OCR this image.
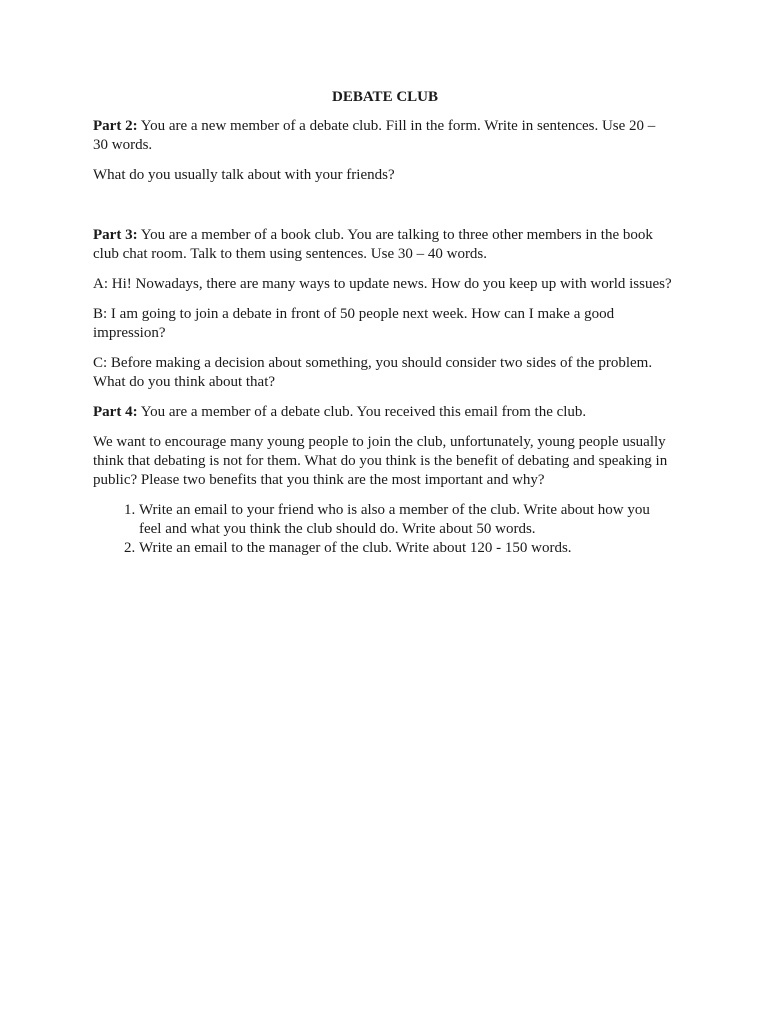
DEBATE CLUB

Part 2: You are a new member of a debate club. Fill in the form. Write in sentences. Use 20 – 30 words.

What do you usually talk about with your friends?

Part 3: You are a member of a book club. You are talking to three other members in the book club chat room. Talk to them using sentences. Use 30 – 40 words.

A: Hi! Nowadays, there are many ways to update news. How do you keep up with world issues?

B: I am going to join a debate in front of 50 people next week. How can I make a good impression?

C: Before making a decision about something, you should consider two sides of the problem. What do you think about that?

Part 4: You are a member of a debate club. You received this email from the club.

We want to encourage many young people to join the club, unfortunately, young people usually think that debating is not for them. What do you think is the benefit of debating and speaking in public? Please two benefits that you think are the most important and why?

1. Write an email to your friend who is also a member of the club. Write about how you feel and what you think the club should do. Write about 50 words.
2. Write an email to the manager of the club. Write about 120 - 150 words.
